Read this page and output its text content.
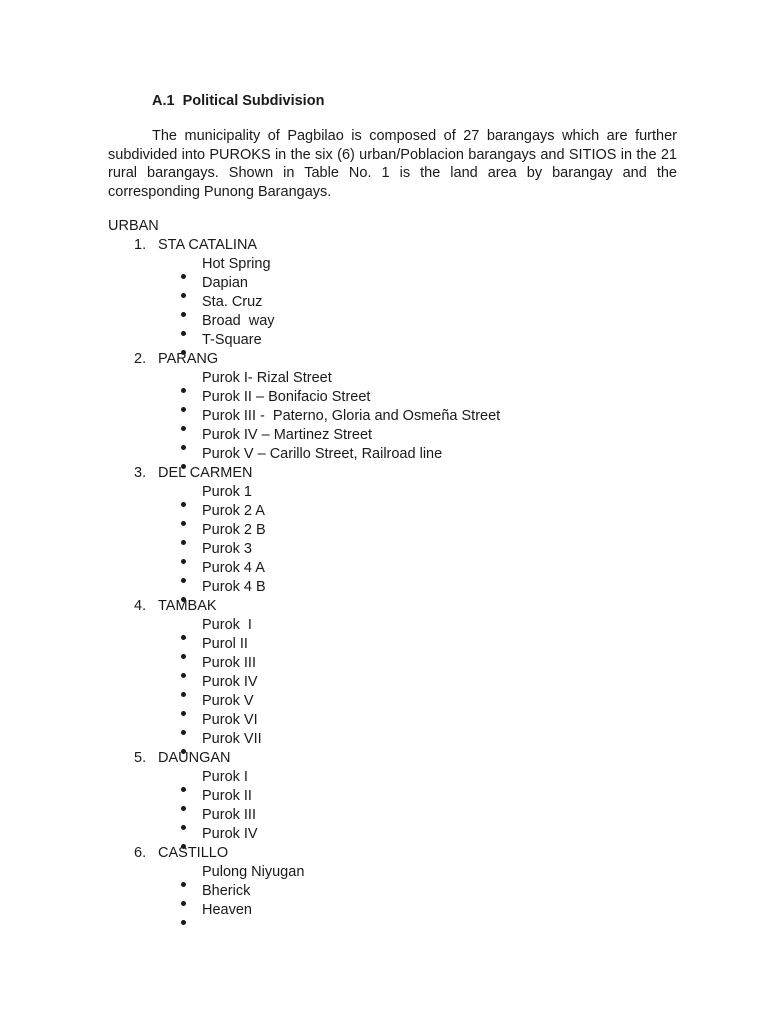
A.1  Political Subdivision

The municipality of Pagbilao is composed of 27 barangays which are further subdivided into PUROKS in the six (6) urban/Poblacion barangays and SITIOS in the 21 rural barangays. Shown in Table No. 1 is the land area by barangay and the corresponding Punong Barangays.

URBAN
1. STA CATALINA
Hot Spring
Dapian
Sta. Cruz
Broad  way
T-Square
2. PARANG
Purok I- Rizal Street
Purok II – Bonifacio Street
Purok III -  Paterno, Gloria and Osmeña Street
Purok IV – Martinez Street
Purok V – Carillo Street, Railroad line
3. DEL CARMEN
Purok 1
Purok 2 A
Purok 2 B
Purok 3
Purok 4 A
Purok 4 B
4. TAMBAK
Purok  I
Purol II
Purok III
Purok IV
Purok V
Purok VI
Purok VII
5. DAUNGAN
Purok I
Purok II
Purok III
Purok IV
6. CASTILLO
Pulong Niyugan
Bherick
Heaven
